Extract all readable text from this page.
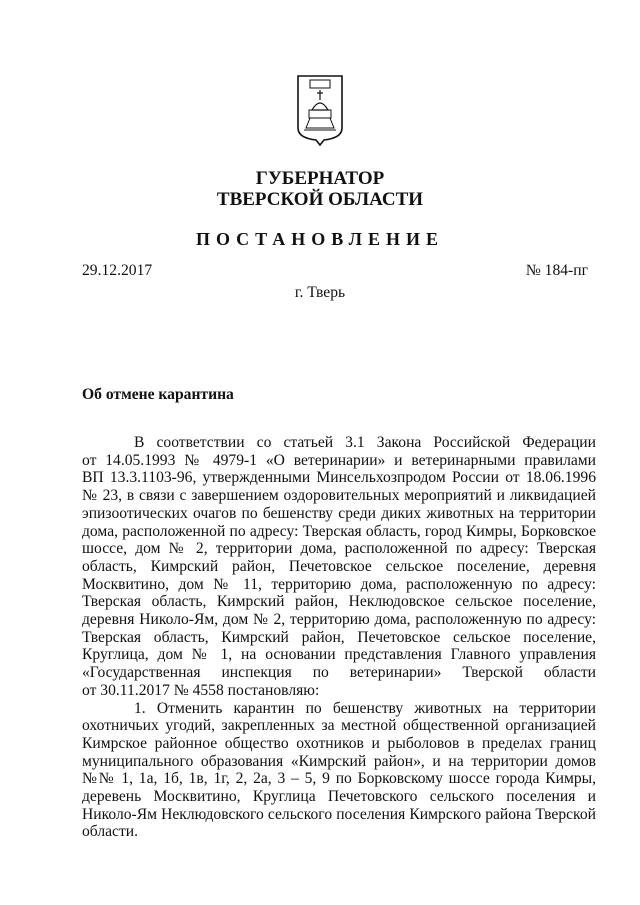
ГУБЕРНАТОР
ТВЕРСКОЙ ОБЛАСТИ
ПОСТАНОВЛЕНИЕ
29.12.2017	№ 184-пг
г. Тверь
Об отмене карантина
В соответствии со статьей 3.1 Закона Российской Федерации
от 14.05.1993 № 4979-1 «О ветеринарии» и ветеринарными правилами
ВП 13.3.1103-96, утвержденными Минсельхозпродом России от 18.06.1996
№ 23, в связи с завершением оздоровительных мероприятий и ликвидацией
эпизоотических очагов по бешенству среди диких животных на территории
дома, расположенной по адресу: Тверская область, город Кимры, Борковское
шоссе, дом № 2, территории дома, расположенной по адресу: Тверская
область, Кимрский район, Печетовское сельское поселение, деревня
Москвитино, дом № 11, территорию дома, расположенную по адресу:
Тверская область, Кимрский район, Неклюдовское сельское поселение,
деревня Николо-Ям, дом № 2, территорию дома, расположенную по адресу:
Тверская область, Кимрский район, Печетовское сельское поселение,
Круглица, дом № 1, на основании представления Главного управления
«Государственная инспекция по ветеринарии» Тверской области
от 30.11.2017 № 4558 постановляю:
1. Отменить карантин по бешенству животных на территории
охотничьих угодий, закрепленных за местной общественной организацией
Кимрское районное общество охотников и рыболовов в пределах границ
муниципального образования «Кимрский район», и на территории домов
№№ 1, 1а, 1б, 1в, 1г, 2, 2а, 3 – 5, 9 по Борковскому шоссе города Кимры,
деревень Москвитино, Круглица Печетовского сельского поселения и
Николо-Ям Неклюдовского сельского поселения Кимрского района Тверской
области.
